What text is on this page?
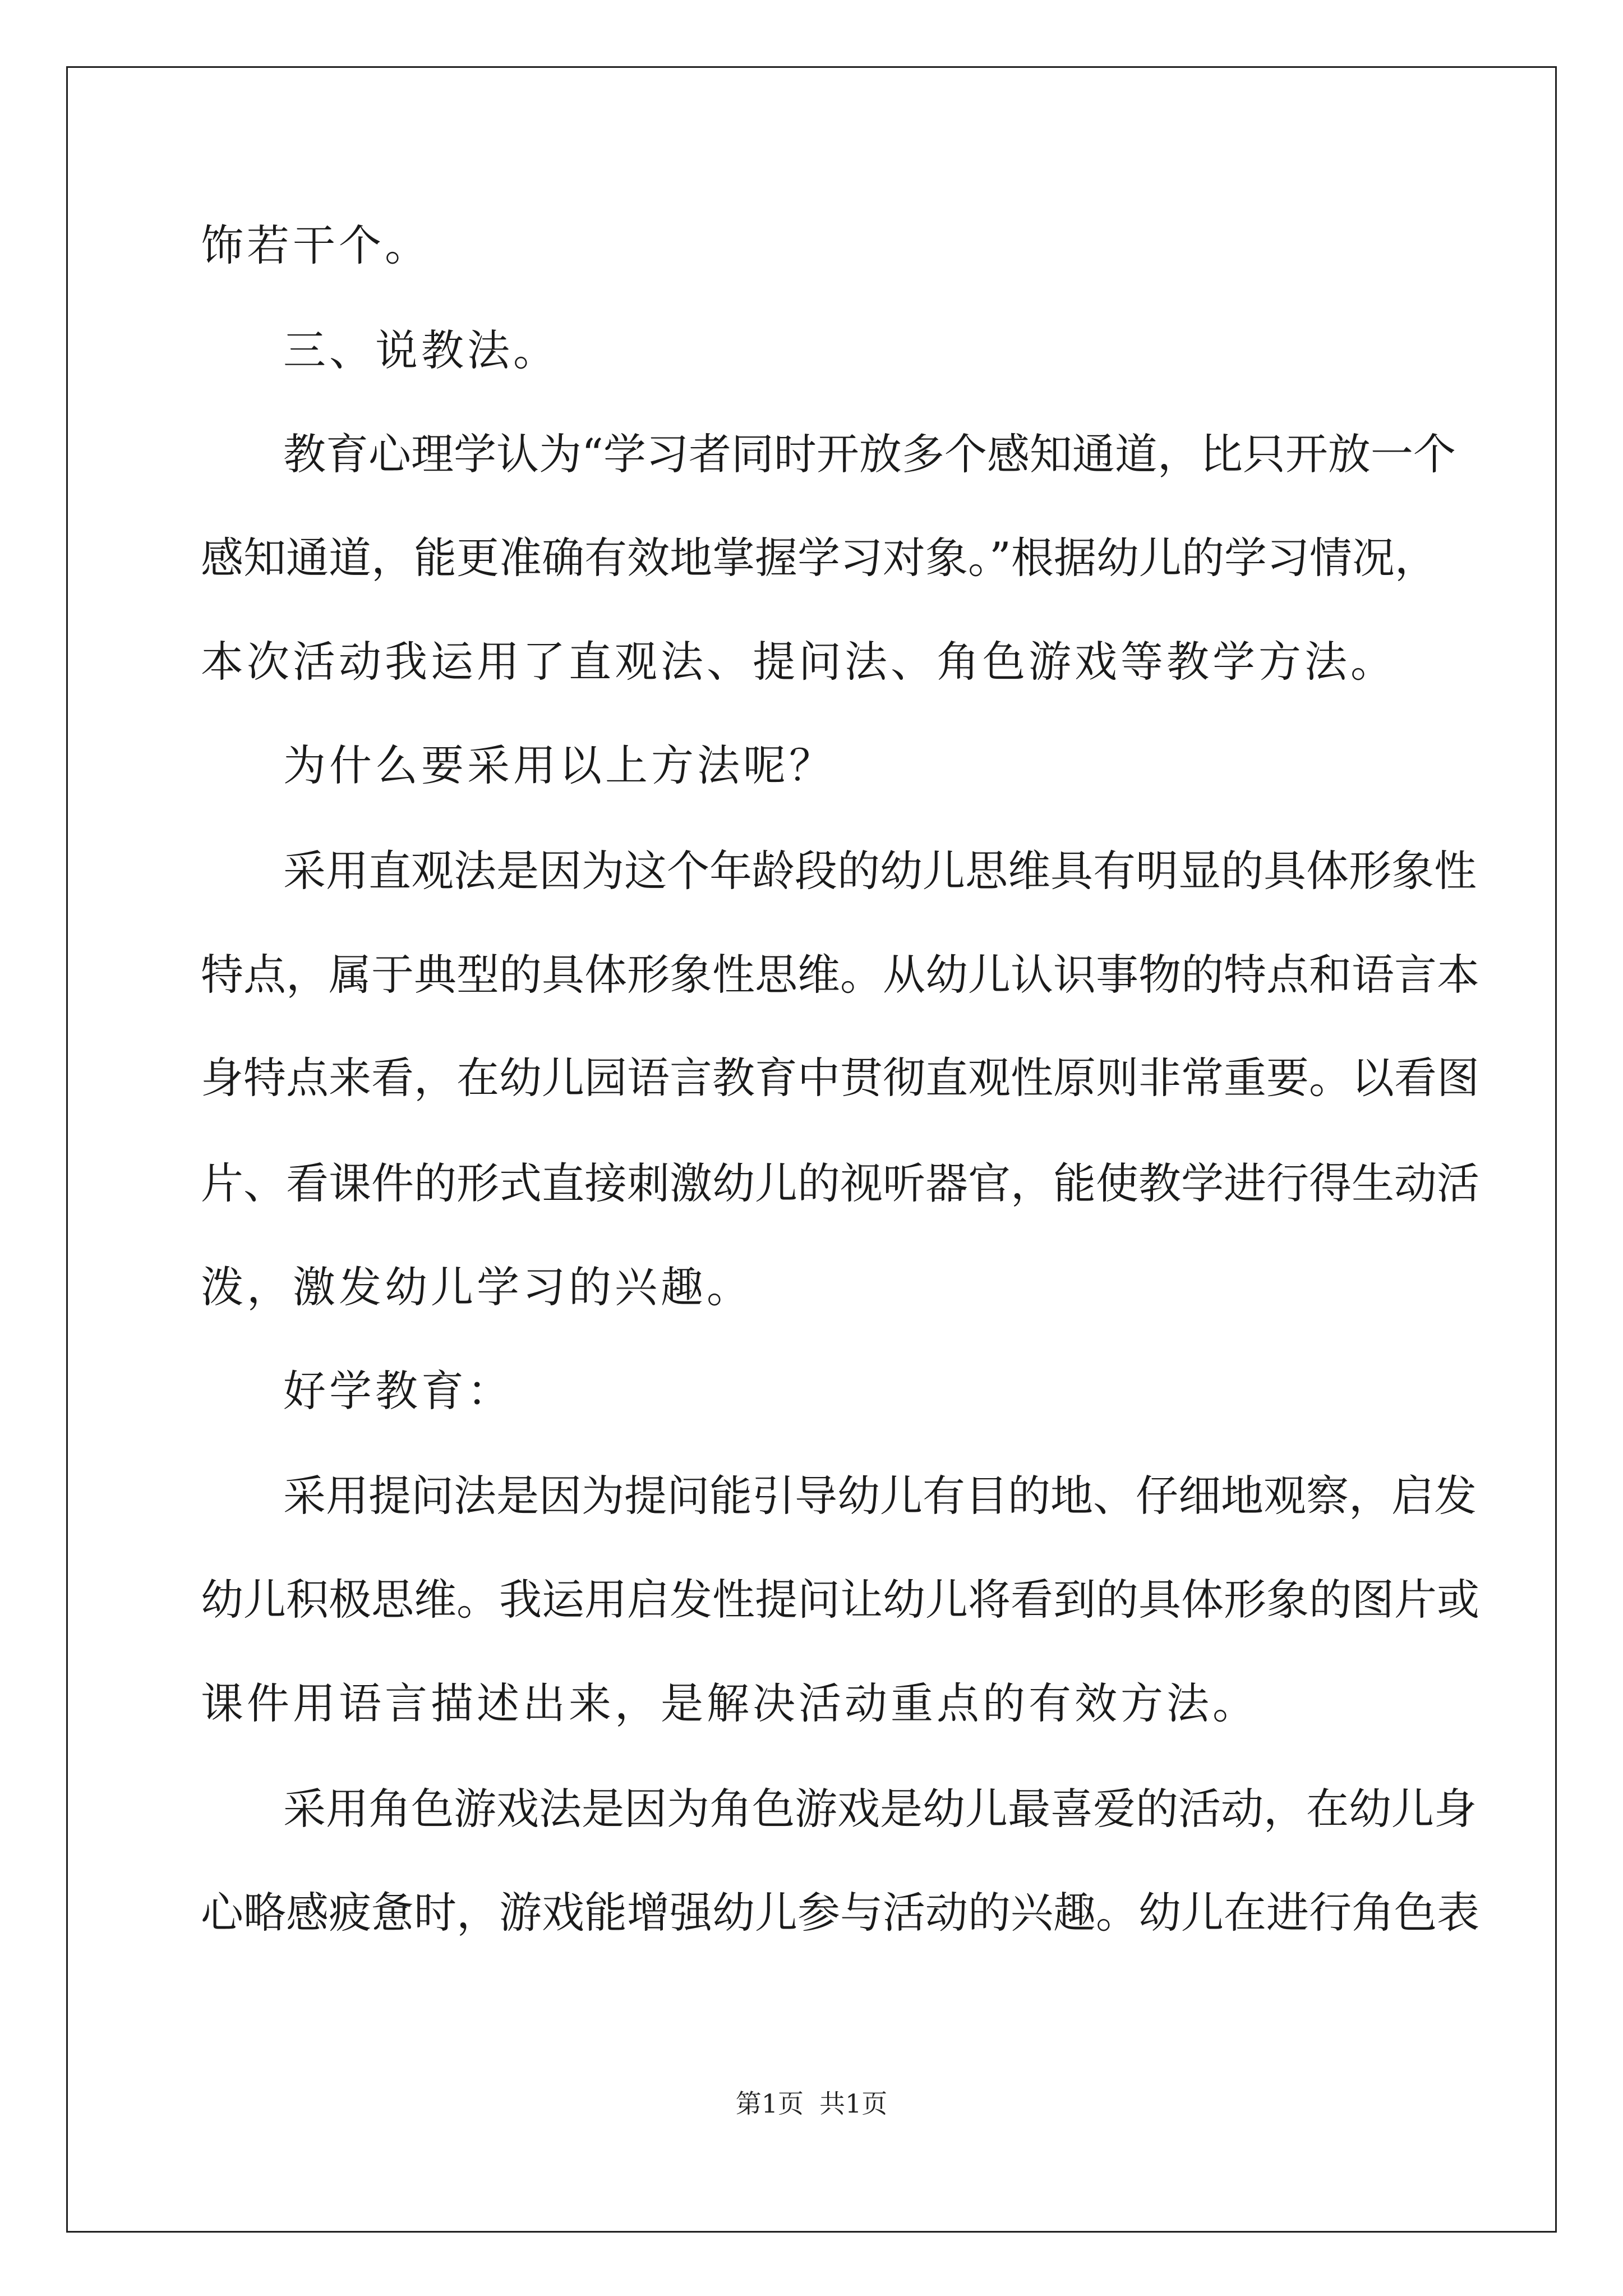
饰若干个。
三、说教法。
教育心理学认为“学习者同时开放多个感知通道，比只开放一个
感知通道，能更准确有效地掌握学习对象。”根据幼儿的学习情况，
本次活动我运用了直观法、提问法、角色游戏等教学方法。
为什么要采用以上方法呢？
采用直观法是因为这个年龄段的幼儿思维具有明显的具体形象性
特点，属于典型的具体形象性思维。从幼儿认识事物的特点和语言本
身特点来看，在幼儿园语言教育中贯彻直观性原则非常重要。以看图
片、看课件的形式直接刺激幼儿的视听器官，能使教学进行得生动活
泼，激发幼儿学习的兴趣。
好学教育：
采用提问法是因为提问能引导幼儿有目的地、仔细地观察，启发
幼儿积极思维。我运用启发性提问让幼儿将看到的具体形象的图片或
课件用语言描述出来，是解决活动重点的有效方法。
采用角色游戏法是因为角色游戏是幼儿最喜爱的活动，在幼儿身
心略感疲惫时，游戏能增强幼儿参与活动的兴趣。幼儿在进行角色表
第1页 共1页
